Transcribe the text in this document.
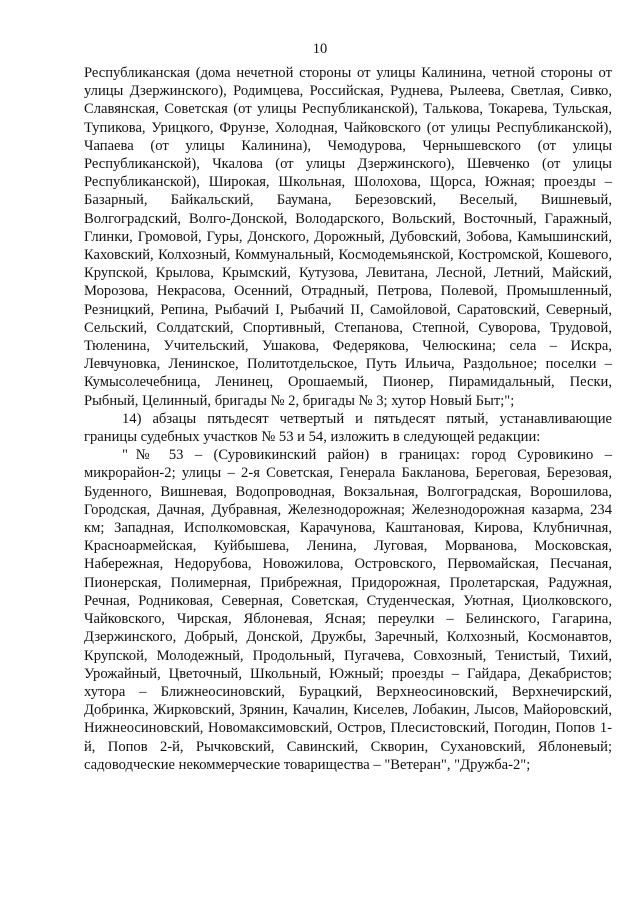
10

Республиканская (дома нечетной стороны от улицы Калинина, четной стороны от улицы Дзержинского), Родимцева, Российская, Руднева, Рылеева, Светлая, Сивко, Славянская, Советская (от улицы Республиканской), Талькова, Токарева, Тульская, Тупикова, Урицкого, Фрунзе, Холодная, Чайковского (от улицы Республиканской), Чапаева (от улицы Калинина), Чемодурова, Чернышевского (от улицы Республиканской), Чкалова (от улицы Дзержинского), Шевченко (от улицы Республиканской), Широкая, Школьная, Шолохова, Щорса, Южная; проезды – Базарный, Байкальский, Баумана, Березовский, Веселый, Вишневый, Волгоградский, Волго-Донской, Володарского, Вольский, Восточный, Гаражный, Глинки, Громовой, Гуры, Донского, Дорожный, Дубовский, Зобова, Камышинский, Каховский, Колхозный, Коммунальный, Космодемьянской, Костромской, Кошевого, Крупской, Крылова, Крымский, Кутузова, Левитана, Лесной, Летний, Майский, Морозова, Некрасова, Осенний, Отрадный, Петрова, Полевой, Промышленный, Резницкий, Репина, Рыбачий I, Рыбачий II, Самойловой, Саратовский, Северный, Сельский, Солдатский, Спортивный, Степанова, Степной, Суворова, Трудовой, Тюленина, Учительский, Ушакова, Федерякова, Челюскина; села – Искра, Левчуновка, Ленинское, Политотдельское, Путь Ильича, Раздольное; поселки – Кумысолечебница, Ленинец, Орошаемый, Пионер, Пирамидальный, Пески, Рыбный, Целинный, бригады № 2, бригады № 3; хутор Новый Быт;";

14) абзацы пятьдесят четвертый и пятьдесят пятый, устанавливающие границы судебных участков № 53 и 54, изложить в следующей редакции:

"№ 53 – (Суровикинский район) в границах: город Суровикино – микрорайон-2; улицы – 2-я Советская, Генерала Бакланова, Береговая, Березовая, Буденного, Вишневая, Водопроводная, Вокзальная, Волгоградская, Ворошилова, Городская, Дачная, Дубравная, Железнодорожная; Железнодорожная казарма, 234 км; Западная, Исполкомовская, Карачунова, Каштановая, Кирова, Клубничная, Красноармейская, Куйбышева, Ленина, Луговая, Морванова, Московская, Набережная, Недорубова, Новожилова, Островского, Первомайская, Песчаная, Пионерская, Полимерная, Прибрежная, Придорожная, Пролетарская, Радужная, Речная, Родниковая, Северная, Советская, Студенческая, Уютная, Циолковского, Чайковского, Чирская, Яблоневая, Ясная; переулки – Белинского, Гагарина, Дзержинского, Добрый, Донской, Дружбы, Заречный, Колхозный, Космонавтов, Крупской, Молодежный, Продольный, Пугачева, Совхозный, Тенистый, Тихий, Урожайный, Цветочный, Школьный, Южный; проезды – Гайдара, Декабристов; хутора – Ближнеосиновский, Бурацкий, Верхнеосиновский, Верхнечирский, Добринка, Жирковский, Зрянин, Качалин, Киселев, Лобакин, Лысов, Майоровский, Нижнеосиновский, Новомаксимовский, Остров, Плесистовский, Погодин, Попов 1-й, Попов 2-й, Рычковский, Савинский, Скворин, Сухановский, Яблоневый; садоводческие некоммерческие товарищества – "Ветеран", "Дружба-2";
